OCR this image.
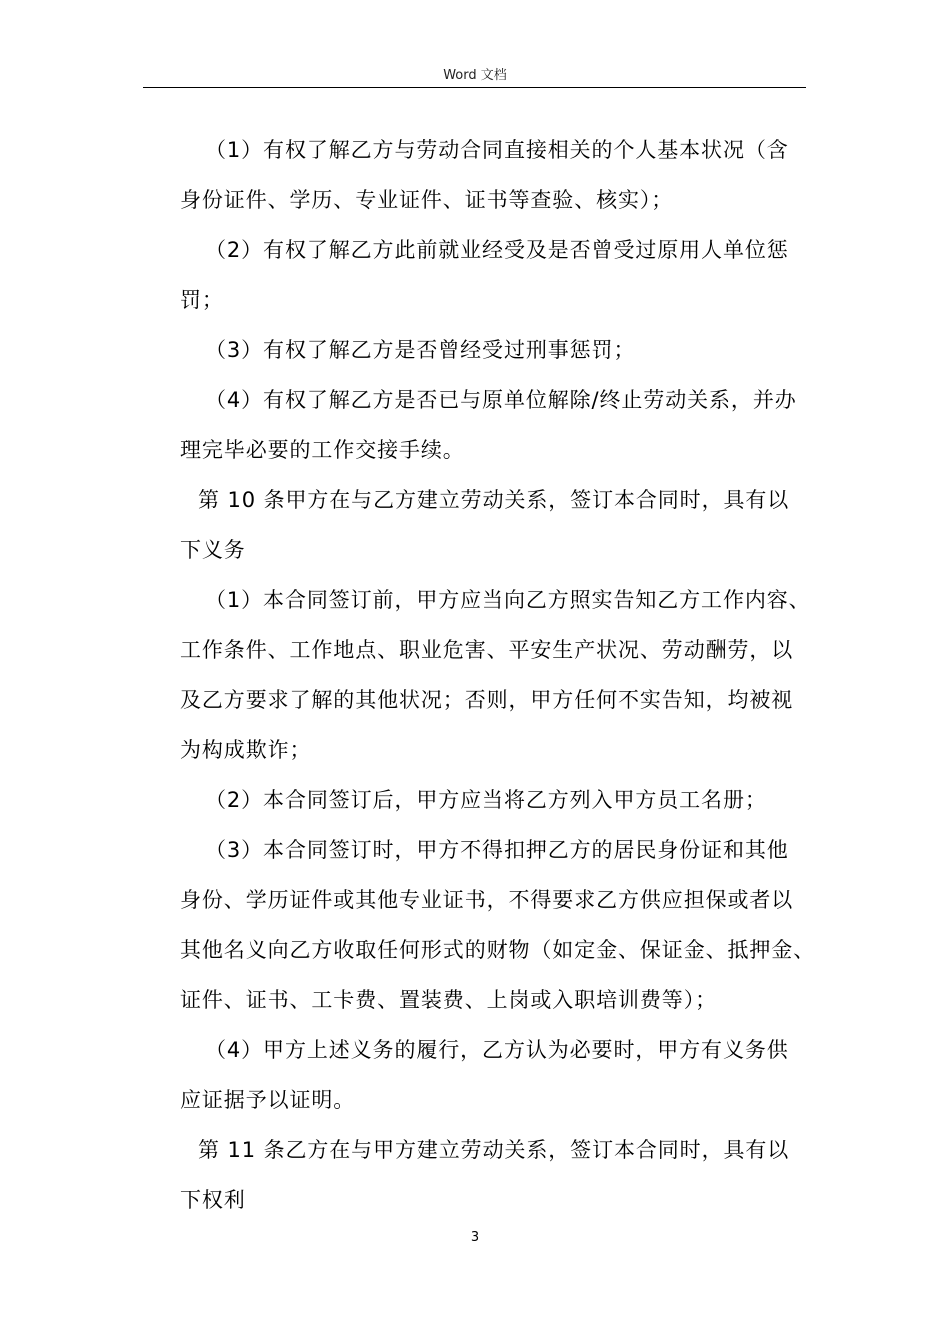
Word 文档
（1）有权了解乙方与劳动合同直接相关的个人基本状况（含
身份证件、学历、专业证件、证书等查验、核实）；
（2）有权了解乙方此前就业经受及是否曾受过原用人单位惩
罚；
（3）有权了解乙方是否曾经受过刑事惩罚；
（4）有权了解乙方是否已与原单位解除/终止劳动关系，并办
理完毕必要的工作交接手续。
第 10 条甲方在与乙方建立劳动关系，签订本合同时，具有以
下义务
（1）本合同签订前，甲方应当向乙方照实告知乙方工作内容、
工作条件、工作地点、职业危害、平安生产状况、劳动酬劳，以
及乙方要求了解的其他状况；否则，甲方任何不实告知，均被视
为构成欺诈；
（2）本合同签订后，甲方应当将乙方列入甲方员工名册；
（3）本合同签订时，甲方不得扣押乙方的居民身份证和其他
身份、学历证件或其他专业证书，不得要求乙方供应担保或者以
其他名义向乙方收取任何形式的财物（如定金、保证金、抵押金、
证件、证书、工卡费、置装费、上岗或入职培训费等）；
（4）甲方上述义务的履行，乙方认为必要时，甲方有义务供
应证据予以证明。
第 11 条乙方在与甲方建立劳动关系，签订本合同时，具有以
下权利
3
